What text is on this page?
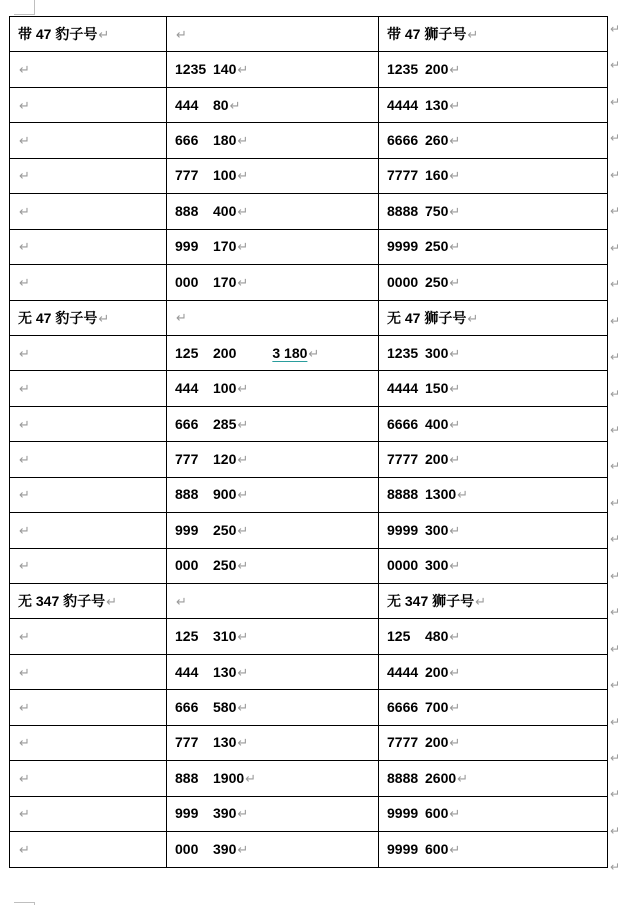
带 47 豹子号↵	↵	带 47 狮子号↵
↵	1235 140↵	1235 200↵
↵	444 80↵	4444 130↵
↵	666 180↵	6666 260↵
↵	777 100↵	7777 160↵
↵	888 400↵	8888 750↵
↵	999 170↵	9999 250↵
↵	000 170↵	0000 250↵
无 47 豹子号↵	↵	无 47 狮子号↵
↵	125 200 3 180↵	1235 300↵
↵	444 100↵	4444 150↵
↵	666 285↵	6666 400↵
↵	777 120↵	7777 200↵
↵	888 900↵	8888 1300↵
↵	999 250↵	9999 300↵
↵	000 250↵	0000 300↵
无 347 豹子号↵	↵	无 347 狮子号↵
↵	125 310↵	125 480↵
↵	444 130↵	4444 200↵
↵	666 580↵	6666 700↵
↵	777 130↵	7777 200↵
↵	888 1900↵	8888 2600↵
↵	999 390↵	9999 600↵
↵	000 390↵	9999 600↵
↵
↵
↵
↵
↵
↵
↵
↵
↵
↵
↵
↵
↵
↵
↵
↵
↵
↵
↵
↵
↵
↵
↵
↵
